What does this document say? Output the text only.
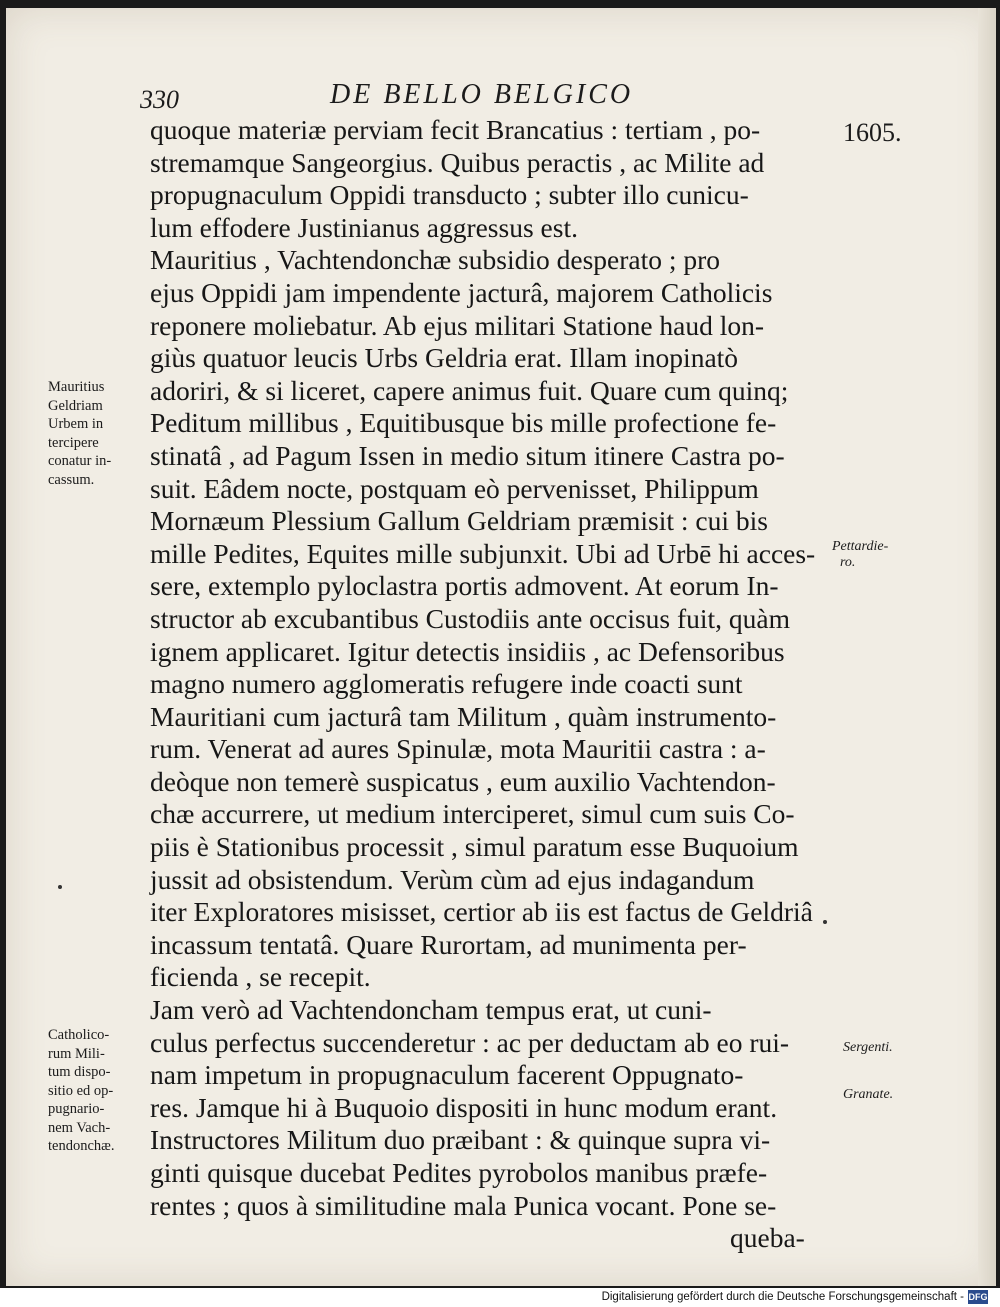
330	DE BELLO BELGICO
1605.
quoque materiæ perviam fecit Brancatius : tertiam , po-
stremamque Sangeorgius. Quibus peractis , ac Milite ad
propugnaculum Oppidi transducto ; subter illo cunicu-
lum effodere Justinianus aggressus est.
Mauritius , Vachtendonchæ subsidio desperato ; pro
ejus Oppidi jam impendente jacturâ, majorem Catholicis
reponere moliebatur. Ab ejus militari Statione haud lon-
giùs quatuor leucis Urbs Geldria erat. Illam inopinatò
adoriri, & si liceret, capere animus fuit. Quare cum quinq;
Peditum millibus , Equitibusque bis mille profectione fe-
stinatâ , ad Pagum Issen in medio situm itinere Castra po-
suit. Eâdem nocte, postquam eò pervenisset, Philippum
Mornæum Plessium Gallum Geldriam præmisit : cui bis
mille Pedites, Equites mille subjunxit. Ubi ad Urbē hi acces-
sere, extemplo pyloclastra portis admovent. At eorum In-
structor ab excubantibus Custodiis ante occisus fuit, quàm
ignem applicaret. Igitur detectis insidiis , ac Defensoribus
magno numero agglomeratis refugere inde coacti sunt
Mauritiani cum jacturâ tam Militum , quàm instrumento-
rum. Venerat ad aures Spinulæ, mota Mauritii castra : a-
deòque non temerè suspicatus , eum auxilio Vachtendon-
chæ accurrere, ut medium interciperet, simul cum suis Co-
piis è Stationibus processit , simul paratum esse Buquoium
jussit ad obsistendum. Verùm cùm ad ejus indagandum
iter Exploratores misisset, certior ab iis est factus de Geldriâ
incassum tentatâ. Quare Rurortam, ad munimenta per-
ficienda , se recepit.
Jam verò ad Vachtendoncham tempus erat, ut cuni-
culus perfectus succenderetur : ac per deductam ab eo rui-
nam impetum in propugnaculum facerent Oppugnato-
res. Jamque hi à Buquoio dispositi in hunc modum erant.
Instructores Militum duo præibant : & quinque supra vi-
ginti quisque ducebat Pedites pyrobolos manibus præfe-
rentes ; quos à similitudine mala Punica vocant. Pone se-
queba-
Mauritius
Geldriam
Urbem in
tercipere
conatur in-
cassum.
Catholico-
rum Mili-
tum dispo-
sitio ed op-
pugnario-
nem Vach-
tendonchæ.
Pettardie-
ro.
Sergenti.
Granate.
Digitalisierung gefördert durch die Deutsche Forschungsgemeinschaft - DFG
